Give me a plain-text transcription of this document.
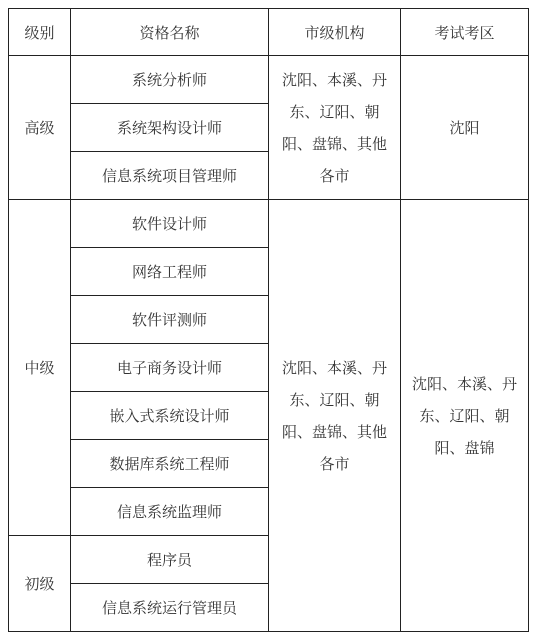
级别	资格名称	市级机构	考试考区
高级	系统分析师	沈阳、本溪、丹东、辽阳、朝阳、盘锦、其他各市	沈阳
	系统架构设计师		
	信息系统项目管理师		
中级	软件设计师	沈阳、本溪、丹东、辽阳、朝阳、盘锦、其他各市	沈阳、本溪、丹东、辽阳、朝阳、盘锦
	网络工程师		
	软件评测师		
	电子商务设计师		
	嵌入式系统设计师		
	数据库系统工程师		
	信息系统监理师		
初级	程序员		
	信息系统运行管理员		
